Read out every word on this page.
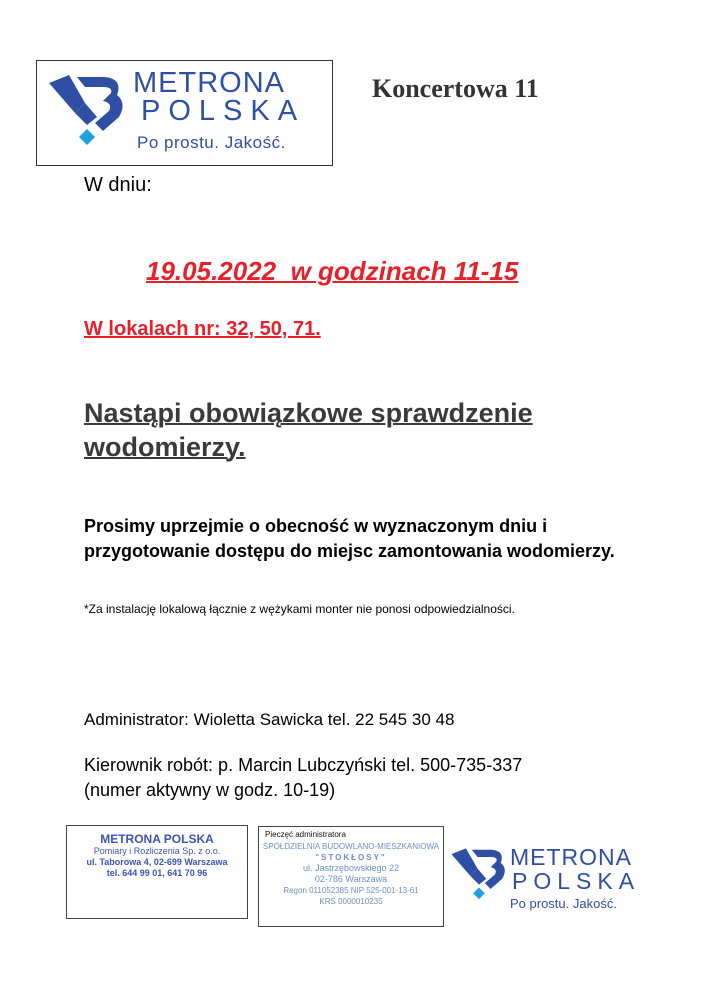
METRONA
POLSKA
Po prostu. Jakość.
Koncertowa 11
W dniu:
19.05.2022  w godzinach 11-15
W lokalach nr: 32, 50, 71.
Nastąpi obowiązkowe sprawdzenie wodomierzy.
Prosimy uprzejmie o obecność w wyznaczonym dniu i przygotowanie dostępu do miejsc zamontowania wodomierzy.
*Za instalację lokalową łącznie z wężykami monter nie ponosi odpowiedzialności.
Administrator: Wioletta Sawicka tel. 22 545 30 48
Kierownik robót: p. Marcin Lubczyński tel. 500-735-337
(numer aktywny w godz. 10-19)
METRONA POLSKA
Pomiary i Rozliczenia Sp. z o.o.
ul. Taborowa 4, 02-699 Warszawa
tel. 644 99 01, 641 70 96
Pieczęć administratora
SPÓŁDZIELNIA BUDOWLANO-MIESZKANIOWA
"STOKŁOSY"
ul. Jastrzębowskiego 22
02-786 Warszawa
Regon 011052385 NIP 525-001-13-61
KRS 0000010235
METRONA
POLSKA
Po prostu. Jakość.
